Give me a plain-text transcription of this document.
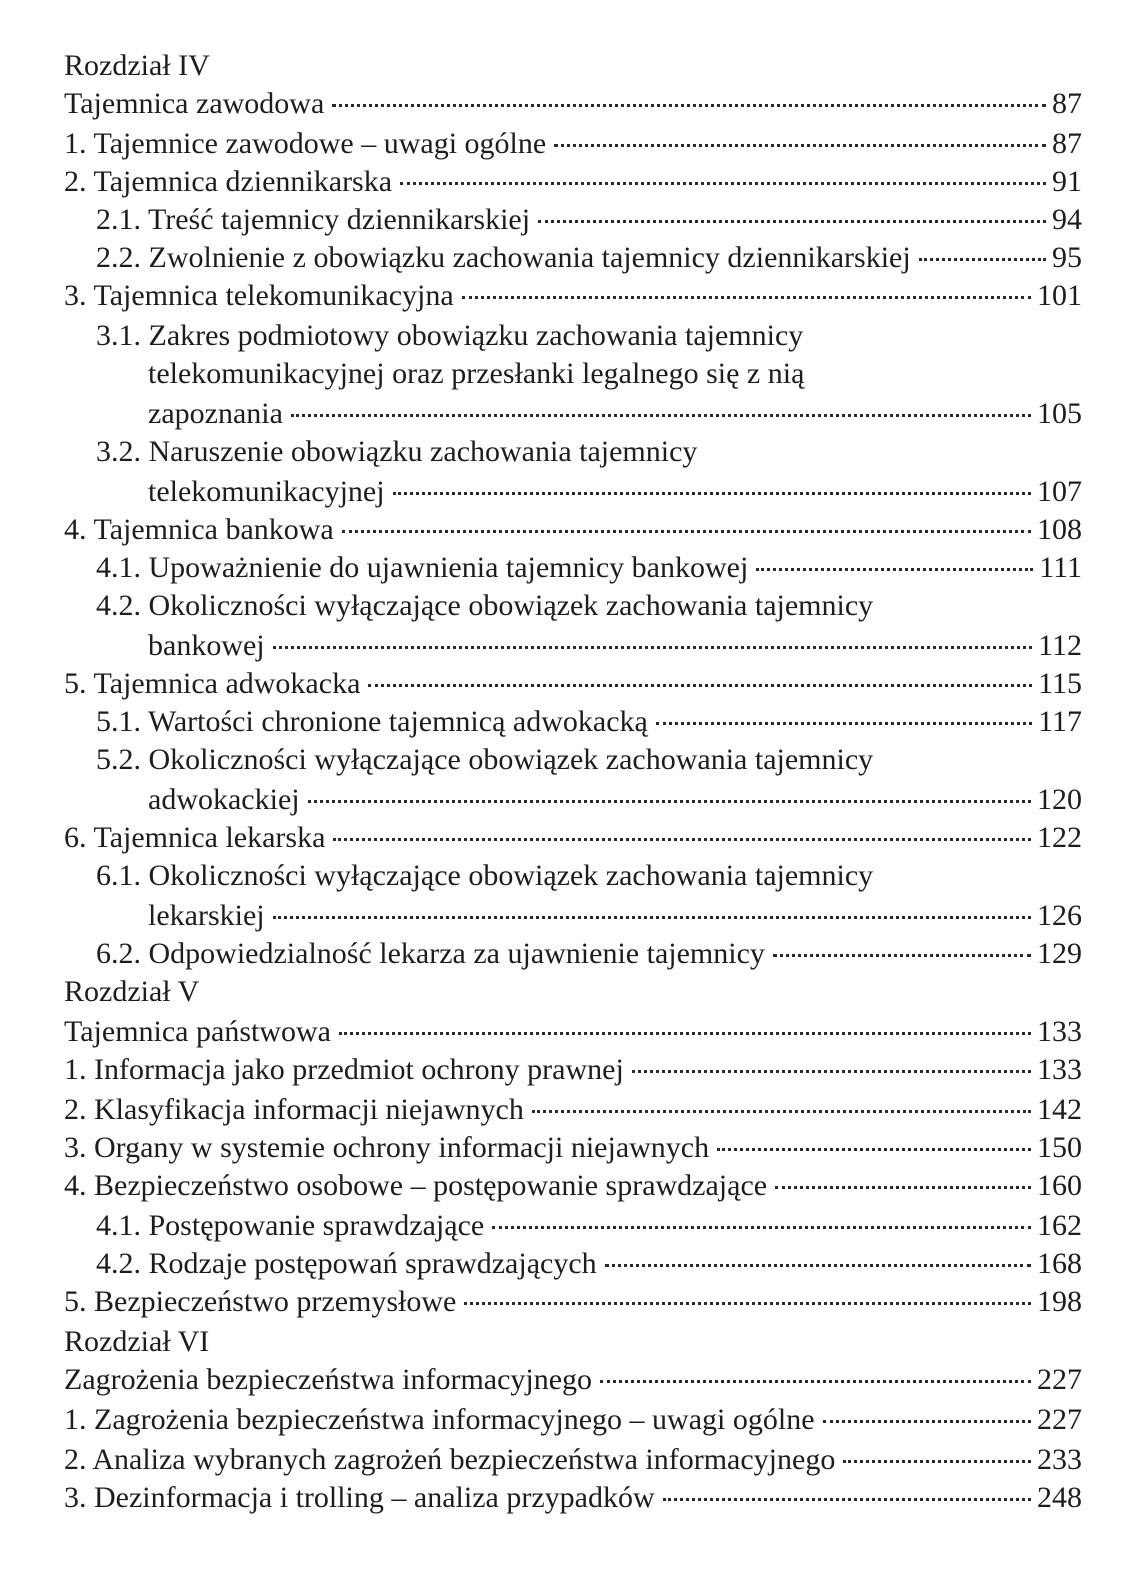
Rozdział IV
Tajemnica zawodowa	87
1. Tajemnice zawodowe – uwagi ogólne	87
2. Tajemnica dziennikarska	91
2.1. Treść tajemnicy dziennikarskiej	94
2.2. Zwolnienie z obowiązku zachowania tajemnicy dziennikarskiej	95
3. Tajemnica telekomunikacyjna	101
3.1. Zakres podmiotowy obowiązku zachowania tajemnicy
telekomunikacyjnej oraz przesłanki legalnego się z nią
zapoznania	105
3.2. Naruszenie obowiązku zachowania tajemnicy
telekomunikacyjnej	107
4. Tajemnica bankowa	108
4.1. Upoważnienie do ujawnienia tajemnicy bankowej	111
4.2. Okoliczności wyłączające obowiązek zachowania tajemnicy
bankowej	112
5. Tajemnica adwokacka	115
5.1. Wartości chronione tajemnicą adwokacką	117
5.2. Okoliczności wyłączające obowiązek zachowania tajemnicy
adwokackiej	120
6. Tajemnica lekarska	122
6.1. Okoliczności wyłączające obowiązek zachowania tajemnicy
lekarskiej	126
6.2. Odpowiedzialność lekarza za ujawnienie tajemnicy	129
Rozdział V
Tajemnica państwowa	133
1. Informacja jako przedmiot ochrony prawnej	133
2. Klasyfikacja informacji niejawnych	142
3. Organy w systemie ochrony informacji niejawnych	150
4. Bezpieczeństwo osobowe – postępowanie sprawdzające	160
4.1. Postępowanie sprawdzające	162
4.2. Rodzaje postępowań sprawdzających	168
5. Bezpieczeństwo przemysłowe	198
Rozdział VI
Zagrożenia bezpieczeństwa informacyjnego	227
1. Zagrożenia bezpieczeństwa informacyjnego – uwagi ogólne	227
2. Analiza wybranych zagrożeń bezpieczeństwa informacyjnego	233
3. Dezinformacja i trolling – analiza przypadków	248
